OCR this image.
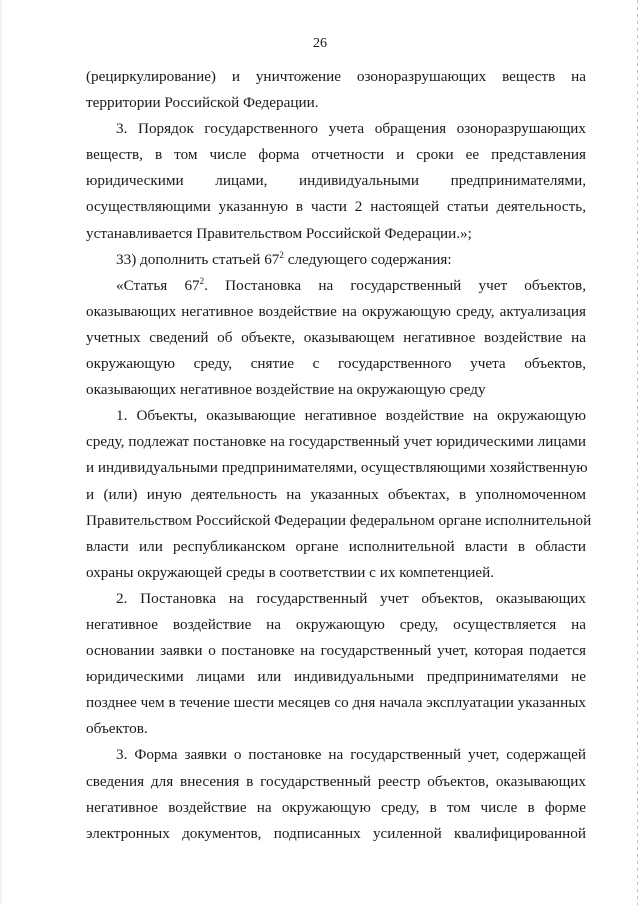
26

(рециркулирование) и уничтожение озоноразрушающих веществ на
территории Российской Федерации.

3. Порядок государственного учета обращения озоноразрушающих
веществ, в том числе форма отчетности и сроки ее представления
юридическими лицами, индивидуальными предпринимателями,
осуществляющими указанную в части 2 настоящей статьи деятельность,
устанавливается Правительством Российской Федерации.»;

33) дополнить статьей $67^2$ следующего содержания:

«Статья $67^2$. Постановка на государственный учет объектов,
оказывающих негативное воздействие на окружающую среду, актуализация
учетных сведений об объекте, оказывающем негативное воздействие на
окружающую среду, снятие с государственного учета объектов,
оказывающих негативное воздействие на окружающую среду

1. Объекты, оказывающие негативное воздействие на окружающую
среду, подлежат постановке на государственный учет юридическими лицами
и индивидуальными предпринимателями, осуществляющими хозяйственную
и (или) иную деятельность на указанных объектах, в уполномоченном
Правительством Российской Федерации федеральном органе исполнительной
власти или республиканском органе исполнительной власти в области
охраны окружающей среды в соответствии с их компетенцией.

2. Постановка на государственный учет объектов, оказывающих
негативное воздействие на окружающую среду, осуществляется на
основании заявки о постановке на государственный учет, которая подается
юридическими лицами или индивидуальными предпринимателями не
позднее чем в течение шести месяцев со дня начала эксплуатации указанных
объектов.

3. Форма заявки о постановке на государственный учет, содержащей
сведения для внесения в государственный реестр объектов, оказывающих
негативное воздействие на окружающую среду, в том числе в форме
электронных документов, подписанных усиленной квалифицированной
